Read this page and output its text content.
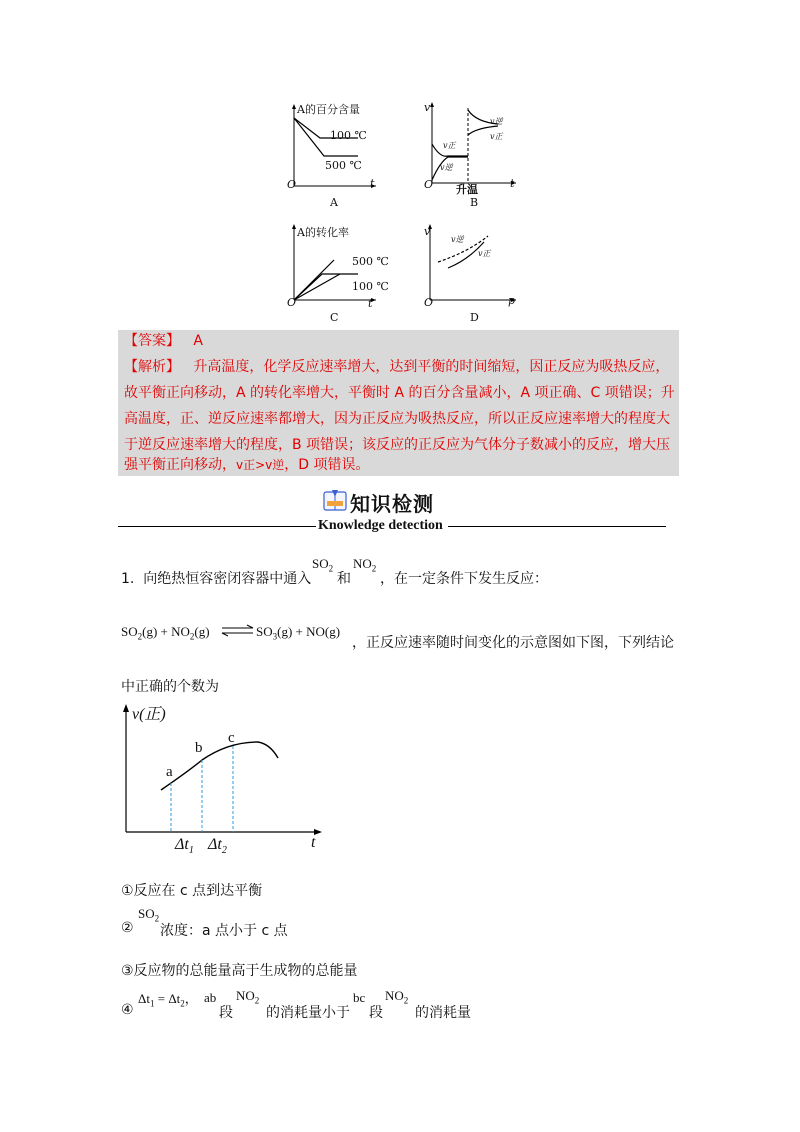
A的百分含量
100 ℃
500 ℃
O	t
A
v
v正
v逆
v逆
v正
O	t
升温
B
A的转化率
500 ℃
100 ℃
O	t
C
v
v逆
v正
O	p
D
【答案】 A
【解析】 升高温度，化学反应速率增大，达到平衡的时间缩短，因正反应为吸热反应，
故平衡正向移动，A 的转化率增大，平衡时 A 的百分含量减小，A 项正确、C 项错误；升
高温度，正、逆反应速率都增大，因为正反应为吸热反应，所以正反应速率增大的程度大
于逆反应速率增大的程度，B 项错误；该反应的正反应为气体分子数减小的反应，增大压
强平衡正向移动，v正>v逆，D 项错误。
知识检测
Knowledge detection
1. 向绝热恒容密闭容器中通入
$SO_2$
和
$NO_2$
，在一定条件下发生反应：
$SO_2(g) + NO_2(g)$ ⇌ $SO_3(g) + NO(g)$
，正反应速率随时间变化的示意图如下图，下列结论
中正确的个数为
v(正)
a
b
c
$\Delta t_1$ $\Delta t_2$	t
①反应在 c 点到达平衡
②
$SO_2$
浓度：a 点小于 c 点
③反应物的总能量高于生成物的总能量
④
$\Delta t_1 = \Delta t_2$， ab
段
$NO_2$
的消耗量小于
bc
段
$NO_2$
的消耗量
